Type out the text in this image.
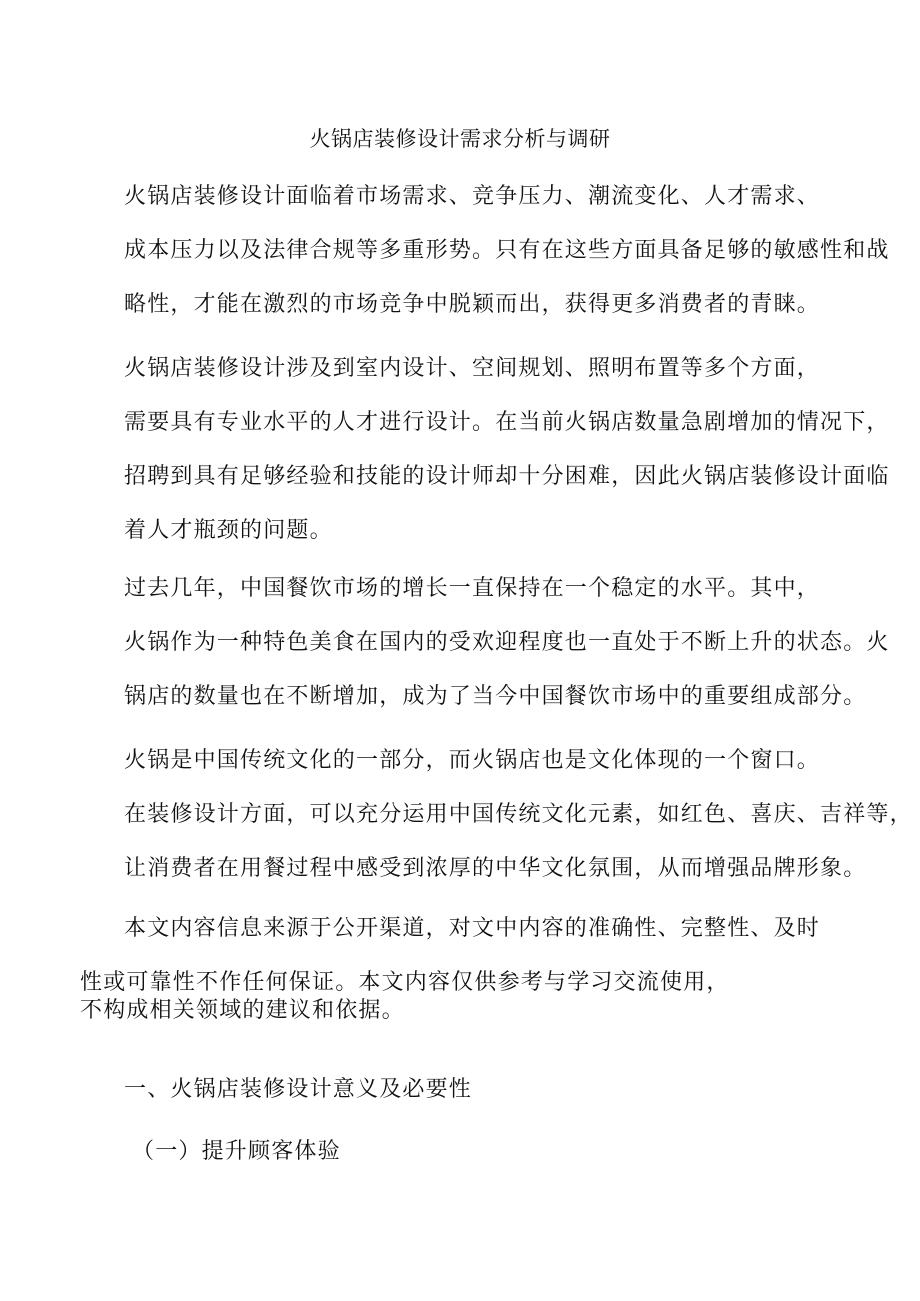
火锅店装修设计需求分析与调研

火锅店装修设计面临着市场需求、竞争压力、潮流变化、人才需求、
成本压力以及法律合规等多重形势。只有在这些方面具备足够的敏感性和战
略性，才能在激烈的市场竞争中脱颖而出，获得更多消费者的青睐。

火锅店装修设计涉及到室内设计、空间规划、照明布置等多个方面，
需要具有专业水平的人才进行设计。在当前火锅店数量急剧增加的情况下，
招聘到具有足够经验和技能的设计师却十分困难，因此火锅店装修设计面临
着人才瓶颈的问题。

过去几年，中国餐饮市场的增长一直保持在一个稳定的水平。其中，
火锅作为一种特色美食在国内的受欢迎程度也一直处于不断上升的状态。火
锅店的数量也在不断增加，成为了当今中国餐饮市场中的重要组成部分。

火锅是中国传统文化的一部分，而火锅店也是文化体现的一个窗口。
在装修设计方面，可以充分运用中国传统文化元素，如红色、喜庆、吉祥等，
让消费者在用餐过程中感受到浓厚的中华文化氛围，从而增强品牌形象。

本文内容信息来源于公开渠道，对文中内容的准确性、完整性、及时
性或可靠性不作任何保证。本文内容仅供参考与学习交流使用，
不构成相关领域的建议和依据。

一、火锅店装修设计意义及必要性
（一）提升顾客体验
